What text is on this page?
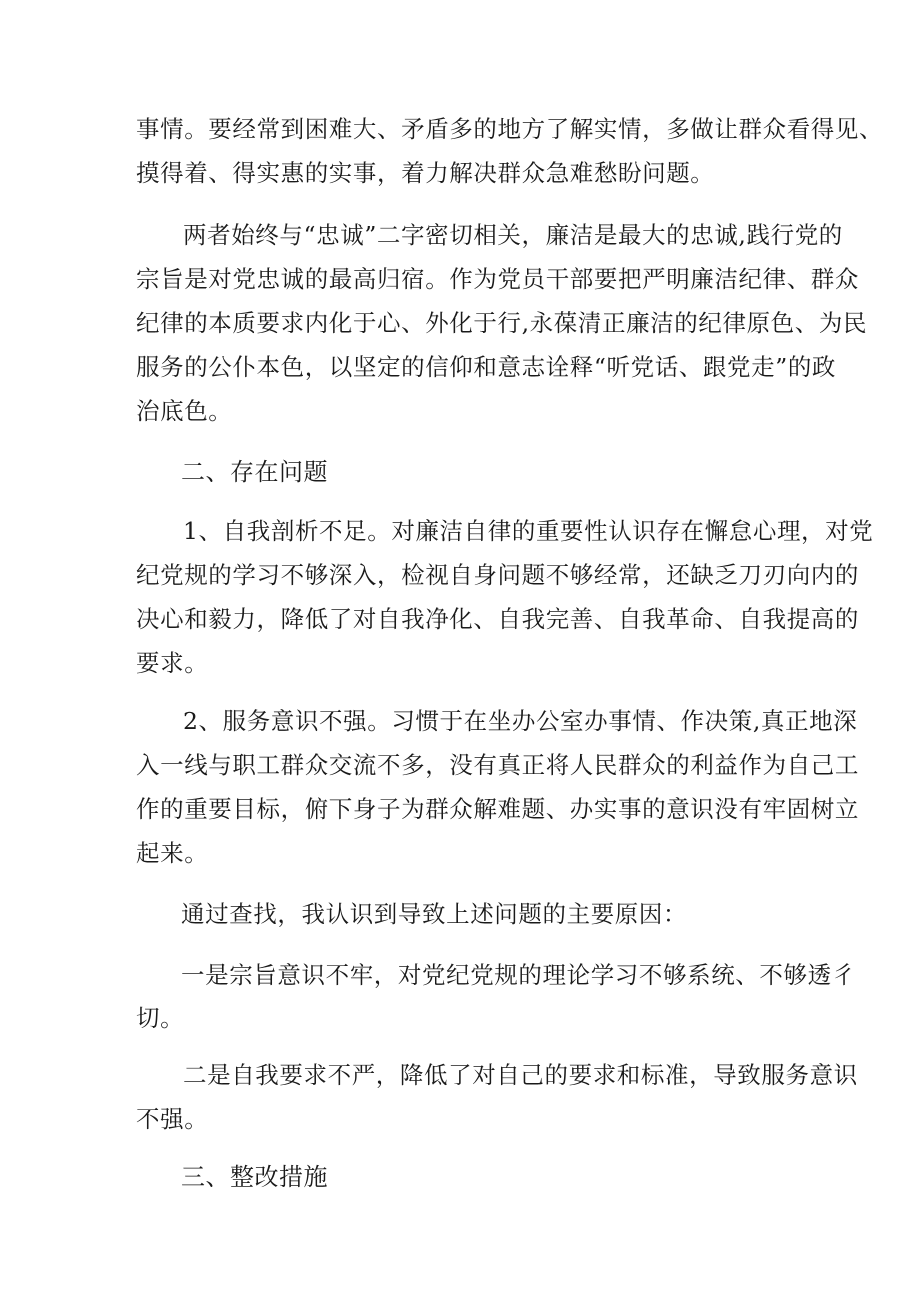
事情。要经常到困难大、矛盾多的地方了解实情，多做让群众看得见、
摸得着、得实惠的实事，着力解决群众急难愁盼问题。
两者始终与“忠诚”二字密切相关，廉洁是最大的忠诚,践行党的
宗旨是对党忠诚的最高归宿。作为党员干部要把严明廉洁纪律、群众
纪律的本质要求内化于心、外化于行,永葆清正廉洁的纪律原色、为民
服务的公仆本色，以坚定的信仰和意志诠释“听党话、跟党走”的政
治底色。
二、存在问题
1、自我剖析不足。对廉洁自律的重要性认识存在懈怠心理，对党
纪党规的学习不够深入，检视自身问题不够经常，还缺乏刀刃向内的
决心和毅力，降低了对自我净化、自我完善、自我革命、自我提高的
要求。
2、服务意识不强。习惯于在坐办公室办事情、作决策,真正地深
入一线与职工群众交流不多，没有真正将人民群众的利益作为自己工
作的重要目标，俯下身子为群众解难题、办实事的意识没有牢固树立
起来。
通过查找，我认识到导致上述问题的主要原因：
一是宗旨意识不牢，对党纪党规的理论学习不够系统、不够透彳
切。
二是自我要求不严，降低了对自己的要求和标准，导致服务意识
不强。
三、整改措施
